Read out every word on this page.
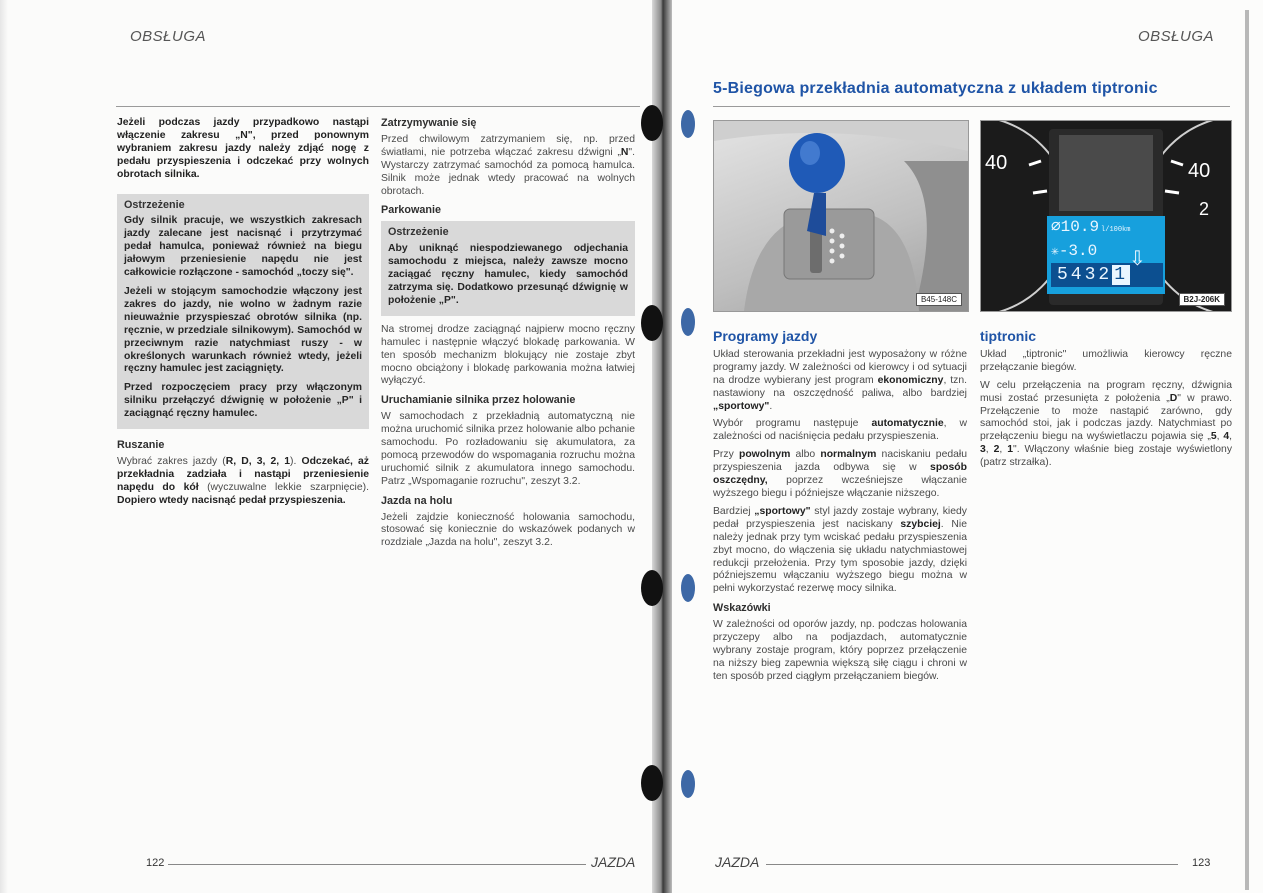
OBSŁUGA

Jeżeli podczas jazdy przypadkowo nastąpi włączenie zakresu „N", przed ponownym wybraniem zakresu jazdy należy zdjąć nogę z pedału przyspieszenia i odczekać przy wolnych obrotach silnika.

Ostrzeżenie

Gdy silnik pracuje, we wszystkich zakresach jazdy zalecane jest nacisnąć i przytrzymać pedał hamulca, ponieważ również na biegu jałowym przeniesienie napędu nie jest całkowicie rozłączone - samochód „toczy się".

Jeżeli w stojącym samochodzie włączony jest zakres do jazdy, nie wolno w żadnym razie nieuważnie przyspieszać obrotów silnika (np. ręcznie, w przedziale silnikowym). Samochód w przeciwnym razie natychmiast ruszy - w określonych warunkach również wtedy, jeżeli ręczny hamulec jest zaciągnięty.

Przed rozpoczęciem pracy przy włączonym silniku przełączyć dźwignię w położenie „P" i zaciągnąć ręczny hamulec.

Ruszanie

Wybrać zakres jazdy (R, D, 3, 2, 1). Odczekać, aż przekładnia zadziała i nastąpi przeniesienie napędu do kół (wyczuwalne lekkie szarpnięcie). Dopiero wtedy nacisnąć pedał przyspieszenia.

Zatrzymywanie się

Przed chwilowym zatrzymaniem się, np. przed światłami, nie potrzeba włączać zakresu dźwigni „N". Wystarczy zatrzymać samochód za pomocą hamulca. Silnik może jednak wtedy pracować na wolnych obrotach.

Parkowanie
Ostrzeżenie

Aby uniknąć niespodziewanego odjechania samochodu z miejsca, należy zawsze mocno zaciągać ręczny hamulec, kiedy samochód zatrzyma się. Dodatkowo przesunąć dźwignię w położenie „P".

Na stromej drodze zaciągnąć najpierw mocno ręczny hamulec i następnie włączyć blokadę parkowania. W ten sposób mechanizm blokujący nie zostaje zbyt mocno obciążony i blokadę parkowania można łatwiej wyłączyć.

Uruchamianie silnika przez holowanie

W samochodach z przekładnią automatyczną nie można uruchomić silnika przez holowanie albo pchanie samochodu. Po rozładowaniu się akumulatora, za pomocą przewodów do wspomagania rozruchu można uruchomić silnik z akumulatora innego samochodu. Patrz „Wspomaganie rozruchu", zeszyt 3.2.

Jazda na holu

Jeżeli zajdzie konieczność holowania samochodu, stosować się koniecznie do wskazówek podanych w rozdziale „Jazda na holu", zeszyt 3.2.

122	JAZDA
OBSŁUGA
5-Biegowa przekładnia automatyczna z układem tiptronic
B45-148C
40	40
2
⌀10.9 l/100km
✳-3.0
5432 1
⇩
B2J-206K
Programy jazdy

Układ sterowania przekładni jest wyposażony w różne programy jazdy. W zależności od kierowcy i od sytuacji na drodze wybierany jest program ekonomiczny, tzn. nastawiony na oszczędność paliwa, albo bardziej „sportowy".

Wybór programu następuje automatycznie, w zależności od naciśnięcia pedału przyspieszenia.

Przy powolnym albo normalnym naciskaniu pedału przyspieszenia jazda odbywa się w sposób oszczędny, poprzez wcześniejsze włączanie wyższego biegu i późniejsze włączanie niższego.

Bardziej „sportowy" styl jazdy zostaje wybrany, kiedy pedał przyspieszenia jest naciskany szybciej. Nie należy jednak przy tym wciskać pedału przyspieszenia zbyt mocno, do włączenia się układu natychmiastowej redukcji przełożenia. Przy tym sposobie jazdy, dzięki późniejszemu włączaniu wyższego biegu można w pełni wykorzystać rezerwę mocy silnika.

Wskazówki

W zależności od oporów jazdy, np. podczas holowania przyczepy albo na podjazdach, automatycznie wybrany zostaje program, który poprzez przełączenie na niższy bieg zapewnia większą siłę ciągu i chroni w ten sposób przed ciągłym przełączaniem biegów.

tiptronic

Układ „tiptronic" umożliwia kierowcy ręczne przełączanie biegów.

W celu przełączenia na program ręczny, dźwignia musi zostać przesunięta z położenia „D" w prawo. Przełączenie to może nastąpić zarówno, gdy samochód stoi, jak i podczas jazdy. Natychmiast po przełączeniu biegu na wyświetlaczu pojawia się „5, 4, 3, 2, 1". Włączony właśnie bieg zostaje wyświetlony (patrz strzałka).

JAZDA	123
